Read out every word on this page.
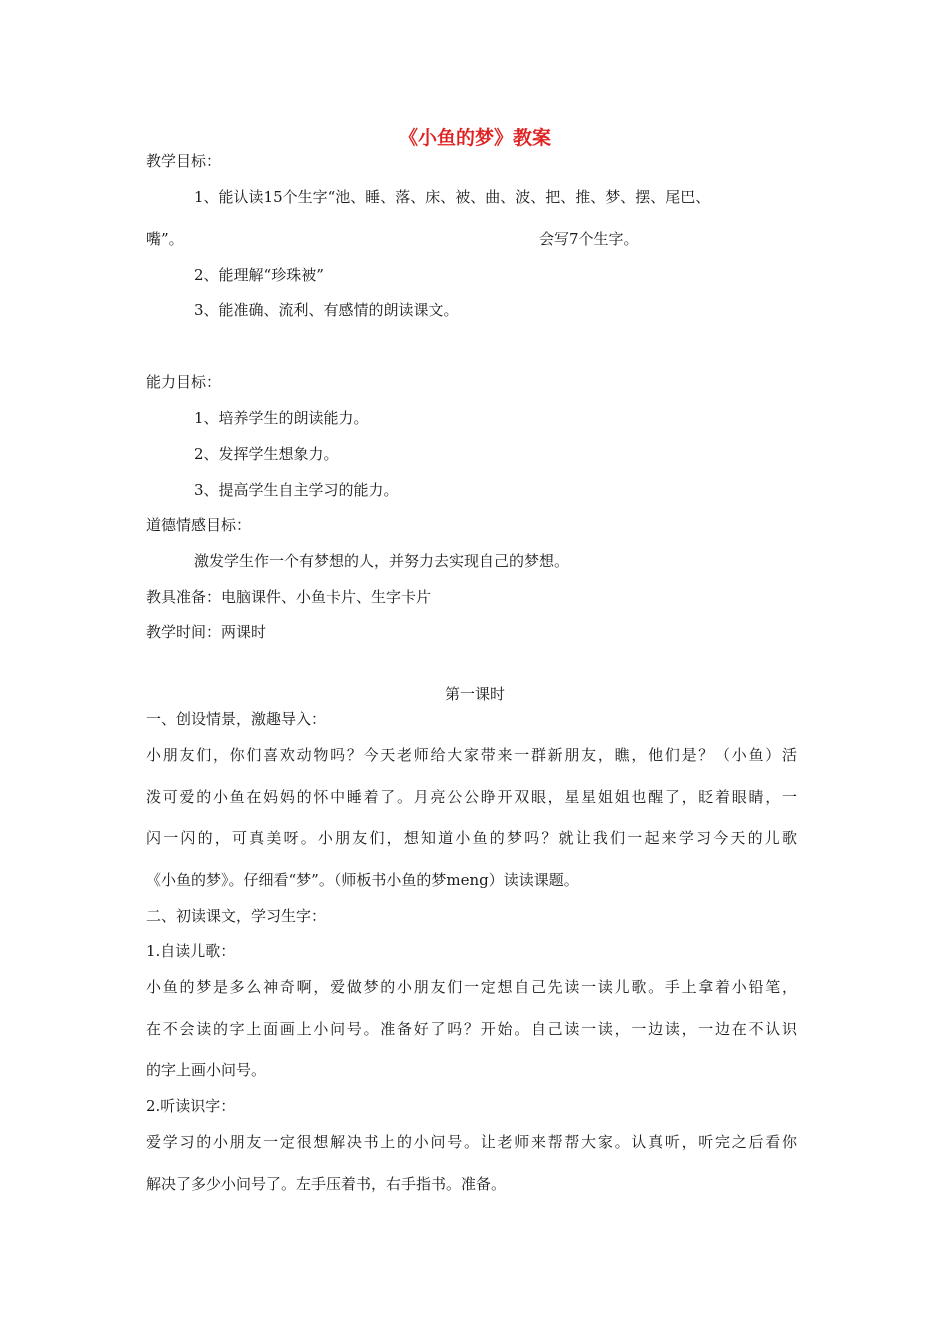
《小鱼的梦》教案
教学目标：
1、能认读15个生字“池、睡、落、床、被、曲、波、把、推、梦、摆、尾巴、
嘴”。	会写7个生字。
2、能理解“珍珠被”
3、能准确、流利、有感情的朗读课文。
能力目标：
1、培养学生的朗读能力。
2、发挥学生想象力。
3、提高学生自主学习的能力。
道德情感目标：
激发学生作一个有梦想的人，并努力去实现自己的梦想。
教具准备：电脑课件、小鱼卡片、生字卡片
教学时间：两课时
第一课时
一、创设情景，激趣导入：
小朋友们，你们喜欢动物吗？今天老师给大家带来一群新朋友，瞧，他们是？（小鱼）活
泼可爱的小鱼在妈妈的怀中睡着了。月亮公公睁开双眼，星星姐姐也醒了，眨着眼睛，一
闪一闪的，可真美呀。小朋友们，想知道小鱼的梦吗？就让我们一起来学习今天的儿歌
《小鱼的梦》。仔细看“梦”。（师板书小鱼的梦meng）读读课题。
二、初读课文，学习生字：
1.自读儿歌：
小鱼的梦是多么神奇啊，爱做梦的小朋友们一定想自己先读一读儿歌。手上拿着小铅笔，
在不会读的字上面画上小问号。准备好了吗？开始。自己读一读，一边读，一边在不认识
的字上画小问号。
2.听读识字：
爱学习的小朋友一定很想解决书上的小问号。让老师来帮帮大家。认真听，听完之后看你
解决了多少小问号了。左手压着书，右手指书。准备。
